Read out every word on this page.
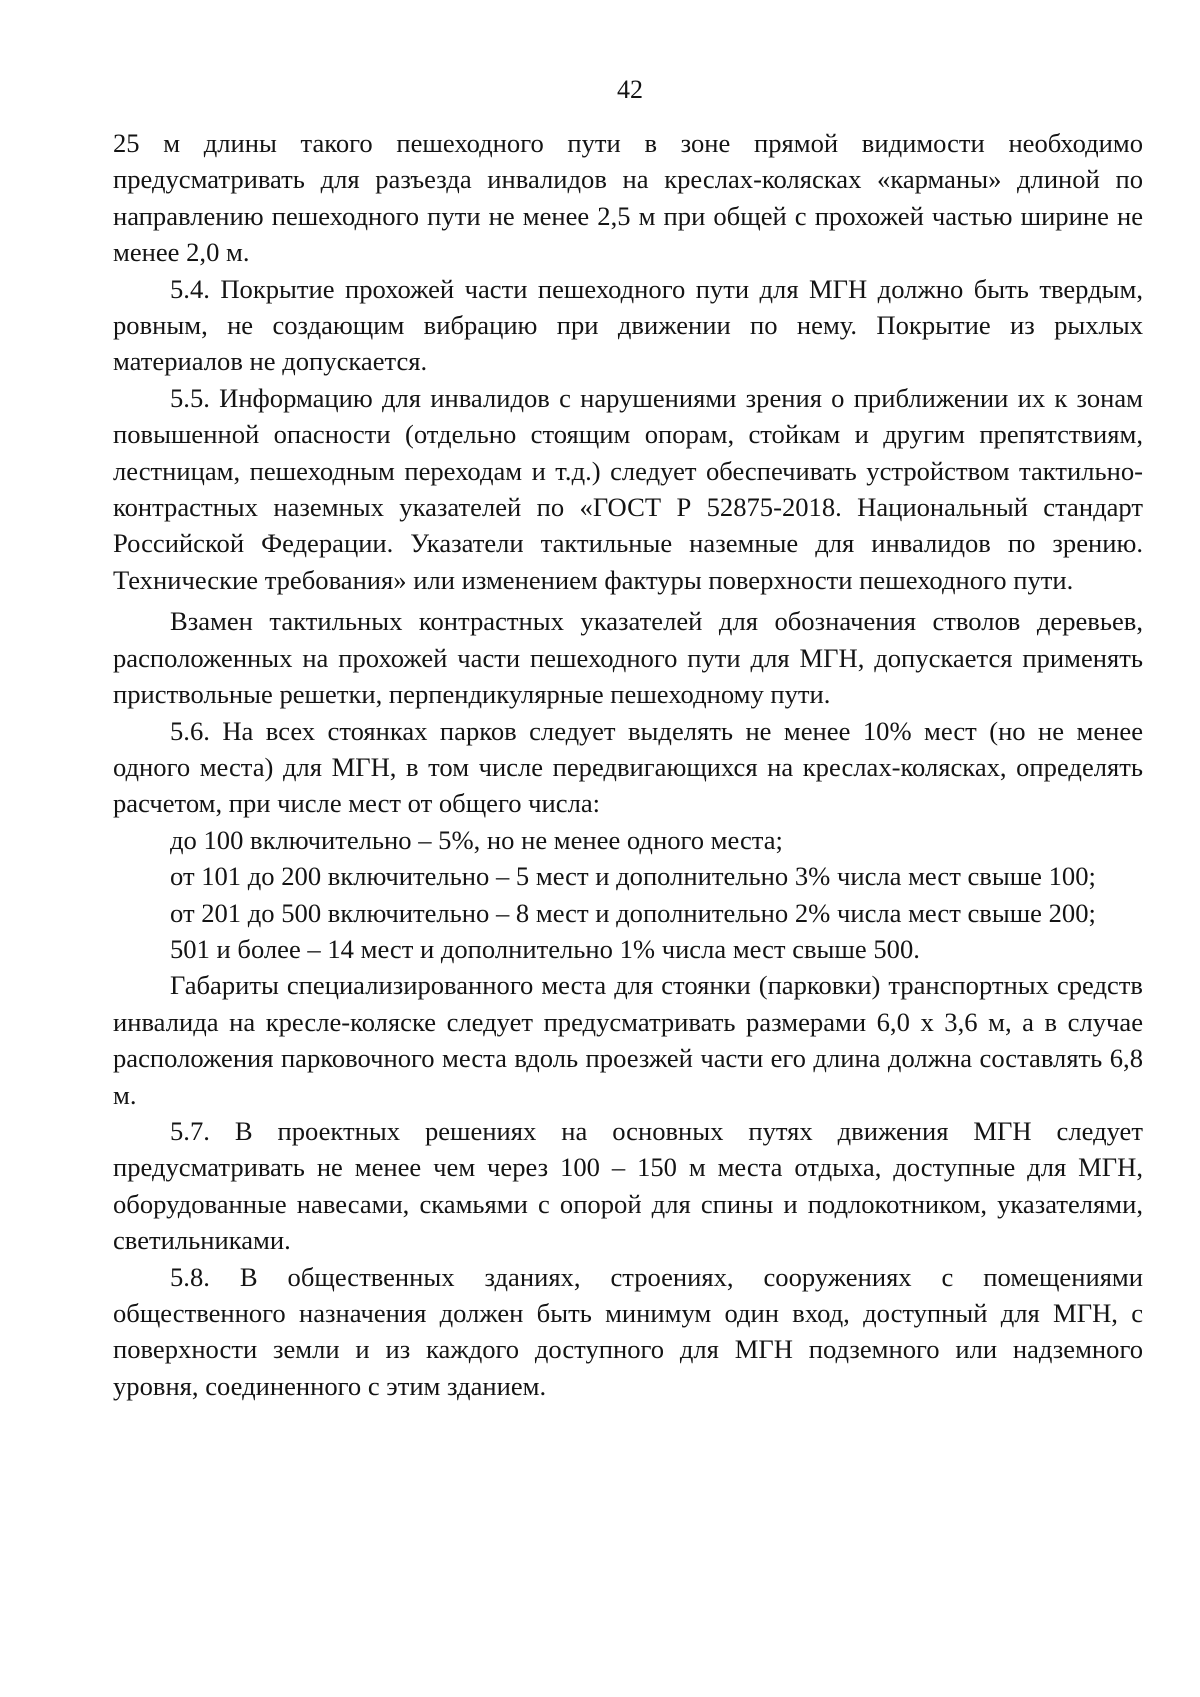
42

25 м длины такого пешеходного пути в зоне прямой видимости необходимо предусматривать для разъезда инвалидов на креслах-колясках «карманы» длиной по направлению пешеходного пути не менее 2,5 м при общей с прохожей частью ширине не менее 2,0 м.

5.4. Покрытие прохожей части пешеходного пути для МГН должно быть твердым, ровным, не создающим вибрацию при движении по нему. Покрытие из рыхлых материалов не допускается.

5.5. Информацию для инвалидов с нарушениями зрения о приближении их к зонам повышенной опасности (отдельно стоящим опорам, стойкам и другим препятствиям, лестницам, пешеходным переходам и т.д.) следует обеспечивать устройством тактильно-контрастных наземных указателей по «ГОСТ Р 52875-2018. Национальный стандарт Российской Федерации. Указатели тактильные наземные для инвалидов по зрению. Технические требования» или изменением фактуры поверхности пешеходного пути.

Взамен тактильных контрастных указателей для обозначения стволов деревьев, расположенных на прохожей части пешеходного пути для МГН, допускается применять приствольные решетки, перпендикулярные пешеходному пути.

5.6. На всех стоянках парков следует выделять не менее 10% мест (но не менее одного места) для МГН, в том числе передвигающихся на креслах-колясках, определять расчетом, при числе мест от общего числа:

до 100 включительно – 5%, но не менее одного места;

от 101 до 200 включительно – 5 мест и дополнительно 3% числа мест свыше 100;

от 201 до 500 включительно – 8 мест и дополнительно 2% числа мест свыше 200;

501 и более – 14 мест и дополнительно 1% числа мест свыше 500.

Габариты специализированного места для стоянки (парковки) транспортных средств инвалида на кресле-коляске следует предусматривать размерами 6,0 х 3,6 м, а в случае расположения парковочного места вдоль проезжей части его длина должна составлять 6,8 м.

5.7. В проектных решениях на основных путях движения МГН следует предусматривать не менее чем через 100 – 150 м места отдыха, доступные для МГН, оборудованные навесами, скамьями с опорой для спины и подлокотником, указателями, светильниками.

5.8. В общественных зданиях, строениях, сооружениях с помещениями общественного назначения должен быть минимум один вход, доступный для МГН, с поверхности земли и из каждого доступного для МГН подземного или надземного уровня, соединенного с этим зданием.
